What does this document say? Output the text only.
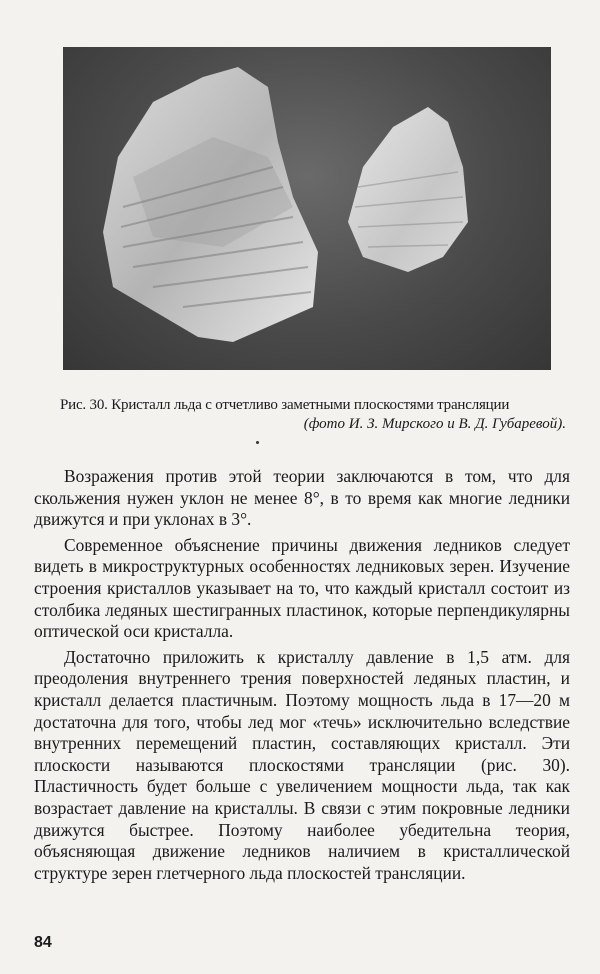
Рис. 30. Кристалл льда с отчетливо заметными плоскостями трансляции
(фото И. З. Мирского и В. Д. Губаревой).

Возражения против этой теории заключаются в том, что для скольжения нужен уклон не менее 8°, в то время как многие ледники движутся и при уклонах в 3°.

Современное объяснение причины движения ледников следует видеть в микроструктурных особенностях ледниковых зерен. Изучение строения кристаллов указывает на то, что каждый кристалл состоит из столбика ледяных шестигранных пластинок, которые перпендикулярны оптической оси кристалла.

Достаточно приложить к кристаллу давление в 1,5 атм. для преодоления внутреннего трения поверхностей ледяных пластин, и кристалл делается пластичным. Поэтому мощность льда в 17—20 м достаточна для того, чтобы лед мог «течь» исключительно вследствие внутренних перемещений пластин, составляющих кристалл. Эти плоскости называются плоскостями трансляции (рис. 30). Пластичность будет больше с увеличением мощности льда, так как возрастает давление на кристаллы. В связи с этим покровные ледники движутся быстрее. Поэтому наиболее убедительна теория, объясняющая движение ледников наличием в кристаллической структуре зерен глетчерного льда плоскостей трансляции.

84
